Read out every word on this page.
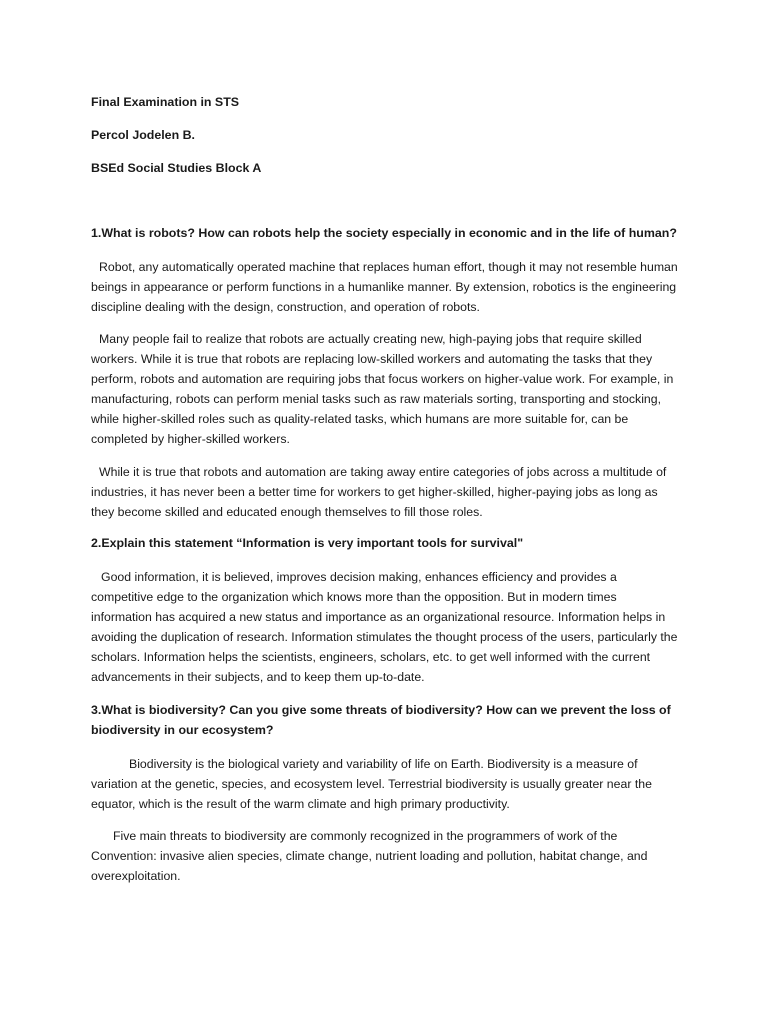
Final Examination in STS
Percol Jodelen B.
BSEd Social Studies Block A

1.What is robots? How can robots help the society especially in economic and in the life of human?

Robot, any automatically operated machine that replaces human effort, though it may not resemble human beings in appearance or perform functions in a humanlike manner. By extension, robotics is the engineering discipline dealing with the design, construction, and operation of robots.

Many people fail to realize that robots are actually creating new, high-paying jobs that require skilled workers. While it is true that robots are replacing low-skilled workers and automating the tasks that they perform, robots and automation are requiring jobs that focus workers on higher-value work. For example, in manufacturing, robots can perform menial tasks such as raw materials sorting, transporting and stocking, while higher-skilled roles such as quality-related tasks, which humans are more suitable for, can be completed by higher-skilled workers.

While it is true that robots and automation are taking away entire categories of jobs across a multitude of industries, it has never been a better time for workers to get higher-skilled, higher-paying jobs as long as they become skilled and educated enough themselves to fill those roles.

2.Explain this statement “Information is very important tools for survival"

Good information, it is believed, improves decision making, enhances efficiency and provides a competitive edge to the organization which knows more than the opposition. But in modern times information has acquired a new status and importance as an organizational resource. Information helps in avoiding the duplication of research. Information stimulates the thought process of the users, particularly the scholars. Information helps the scientists, engineers, scholars, etc. to get well informed with the current advancements in their subjects, and to keep them up-to-date.

3.What is biodiversity? Can you give some threats of biodiversity? How can we prevent the loss of biodiversity in our ecosystem?

Biodiversity is the biological variety and variability of life on Earth. Biodiversity is a measure of variation at the genetic, species, and ecosystem level. Terrestrial biodiversity is usually greater near the equator, which is the result of the warm climate and high primary productivity.

Five main threats to biodiversity are commonly recognized in the programmers of work of the Convention: invasive alien species, climate change, nutrient loading and pollution, habitat change, and overexploitation.
